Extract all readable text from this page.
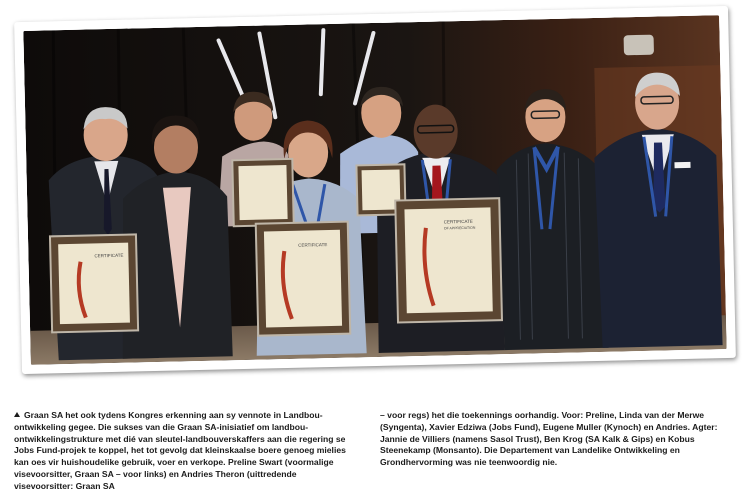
CERTIFICATE
CERTIFICATE
CERTIFICATE
OF APPRECIATION
Graan SA het ook tydens Kongres erkenning aan sy vennote in Landbou-ontwikkeling gegee. Die sukses van die Graan SA-inisiatief om landbou-ontwikkelingstrukture met dié van sleutel-landbouverskaffers aan die regering se Jobs Fund-projek te koppel, het tot gevolg dat kleinskaalse boere genoeg mielies kan oes vir huishoudelike gebruik, voer en verkope. Preline Swart (voormalige visevoorsitter, Graan SA – voor links) en Andries Theron (uittredende visevoorsitter: Graan SA
– voor regs) het die toekennings oorhandig. Voor: Preline, Linda van der Merwe (Syngenta), Xavier Edziwa (Jobs Fund), Eugene Muller (Kynoch) en Andries. Agter: Jannie de Villiers (namens Sasol Trust), Ben Krog (SA Kalk & Gips) en Kobus Steenekamp (Monsanto). Die Departement van Landelike Ontwikkeling en Grondhervorming was nie teenwoordig nie.
